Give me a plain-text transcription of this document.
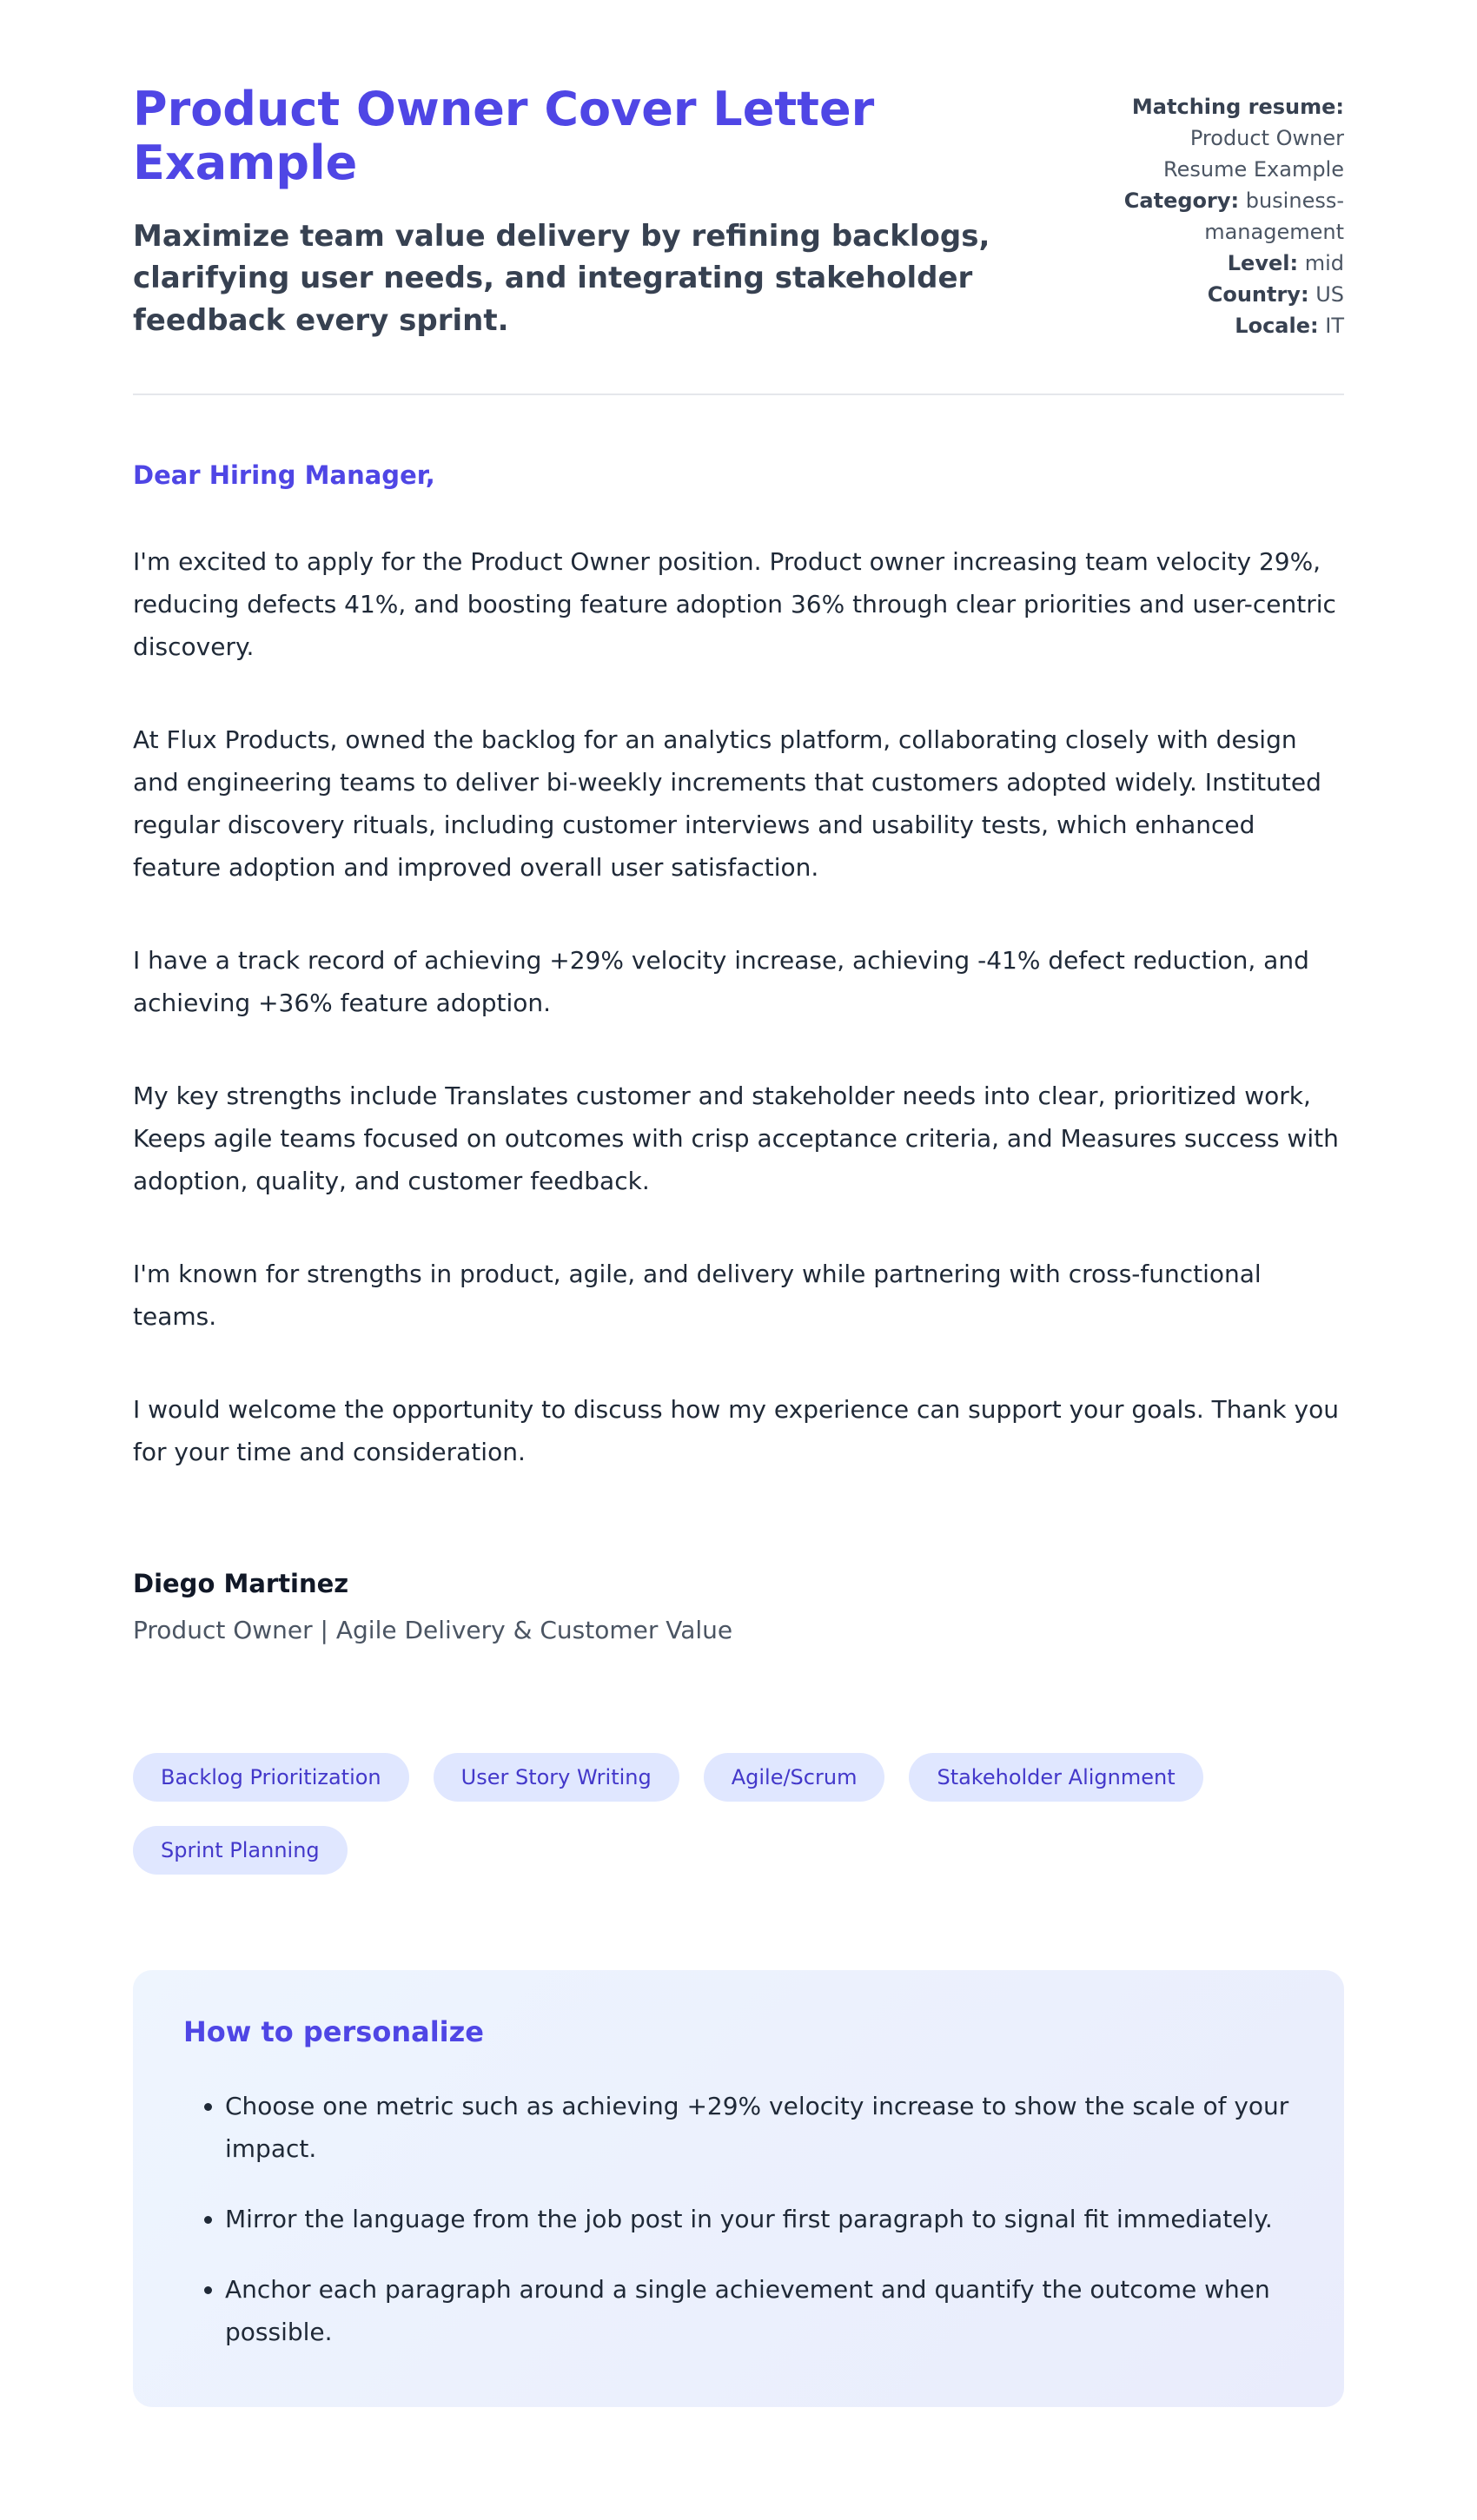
Product Owner Cover Letter Example

Maximize team value delivery by refining backlogs, clarifying user needs, and integrating stakeholder feedback every sprint.

Matching resume: Product Owner Resume Example
Category: business-management
Level: mid
Country: US
Locale: IT

Dear Hiring Manager,

I'm excited to apply for the Product Owner position. Product owner increasing team velocity 29%, reducing defects 41%, and boosting feature adoption 36% through clear priorities and user-centric discovery.

At Flux Products, owned the backlog for an analytics platform, collaborating closely with design and engineering teams to deliver bi-weekly increments that customers adopted widely. Instituted regular discovery rituals, including customer interviews and usability tests, which enhanced feature adoption and improved overall user satisfaction.

I have a track record of achieving +29% velocity increase, achieving -41% defect reduction, and achieving +36% feature adoption.

My key strengths include Translates customer and stakeholder needs into clear, prioritized work, Keeps agile teams focused on outcomes with crisp acceptance criteria, and Measures success with adoption, quality, and customer feedback.

I'm known for strengths in product, agile, and delivery while partnering with cross-functional teams.

I would welcome the opportunity to discuss how my experience can support your goals. Thank you for your time and consideration.

Diego Martinez

Product Owner | Agile Delivery & Customer Value

Backlog Prioritization	User Story Writing	Agile/Scrum	Stakeholder Alignment
Sprint Planning
How to personalize
• Choose one metric such as achieving +29% velocity increase to show the scale of your impact.
• Mirror the language from the job post in your first paragraph to signal fit immediately.
• Anchor each paragraph around a single achievement and quantify the outcome when possible.
